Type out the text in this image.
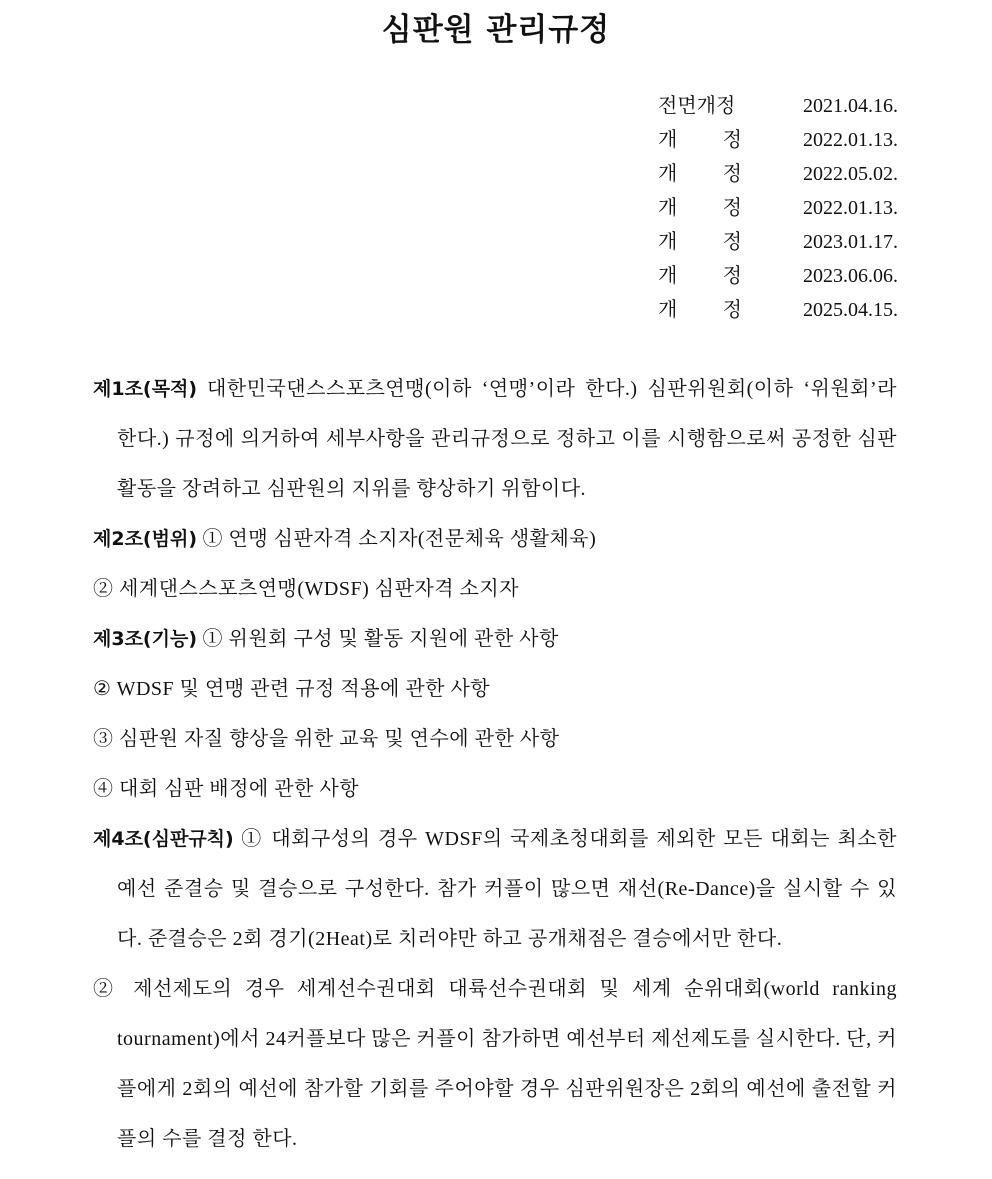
심판원 관리규정
전면개정	2021.04.16.
개 정	2022.01.13.
개 정	2022.05.02.
개 정	2022.01.13.
개 정	2023.01.17.
개 정	2023.06.06.
개 정	2025.04.15.

제1조(목적) 대한민국댄스스포츠연맹(이하 ‘연맹’이라 한다.) 심판위원회(이하 ‘위원회’라 한다.) 규정에 의거하여 세부사항을 관리규정으로 정하고 이를 시행함으로써 공정한 심판활동을 장려하고 심판원의 지위를 향상하기 위함이다.

제2조(범위) ① 연맹 심판자격 소지자(전문체육 생활체육)

② 세계댄스스포츠연맹(WDSF) 심판자격 소지자

제3조(기능) ① 위원회 구성 및 활동 지원에 관한 사항

② WDSF 및 연맹 관련 규정 적용에 관한 사항

③ 심판원 자질 향상을 위한 교육 및 연수에 관한 사항

④ 대회 심판 배정에 관한 사항

제4조(심판규칙) ① 대회구성의 경우 WDSF의 국제초청대회를 제외한 모든 대회는 최소한 예선 준결승 및 결승으로 구성한다. 참가 커플이 많으면 재선(Re-Dance)을 실시할 수 있다. 준결승은 2회 경기(2Heat)로 치러야만 하고 공개채점은 결승에서만 한다.

② 제선제도의 경우 세계선수권대회 대륙선수권대회 및 세계 순위대회(world ranking tournament)에서 24커플보다 많은 커플이 참가하면 예선부터 제선제도를 실시한다. 단, 커플에게 2회의 예선에 참가할 기회를 주어야할 경우 심판위원장은 2회의 예선에 출전할 커플의 수를 결정 한다.
